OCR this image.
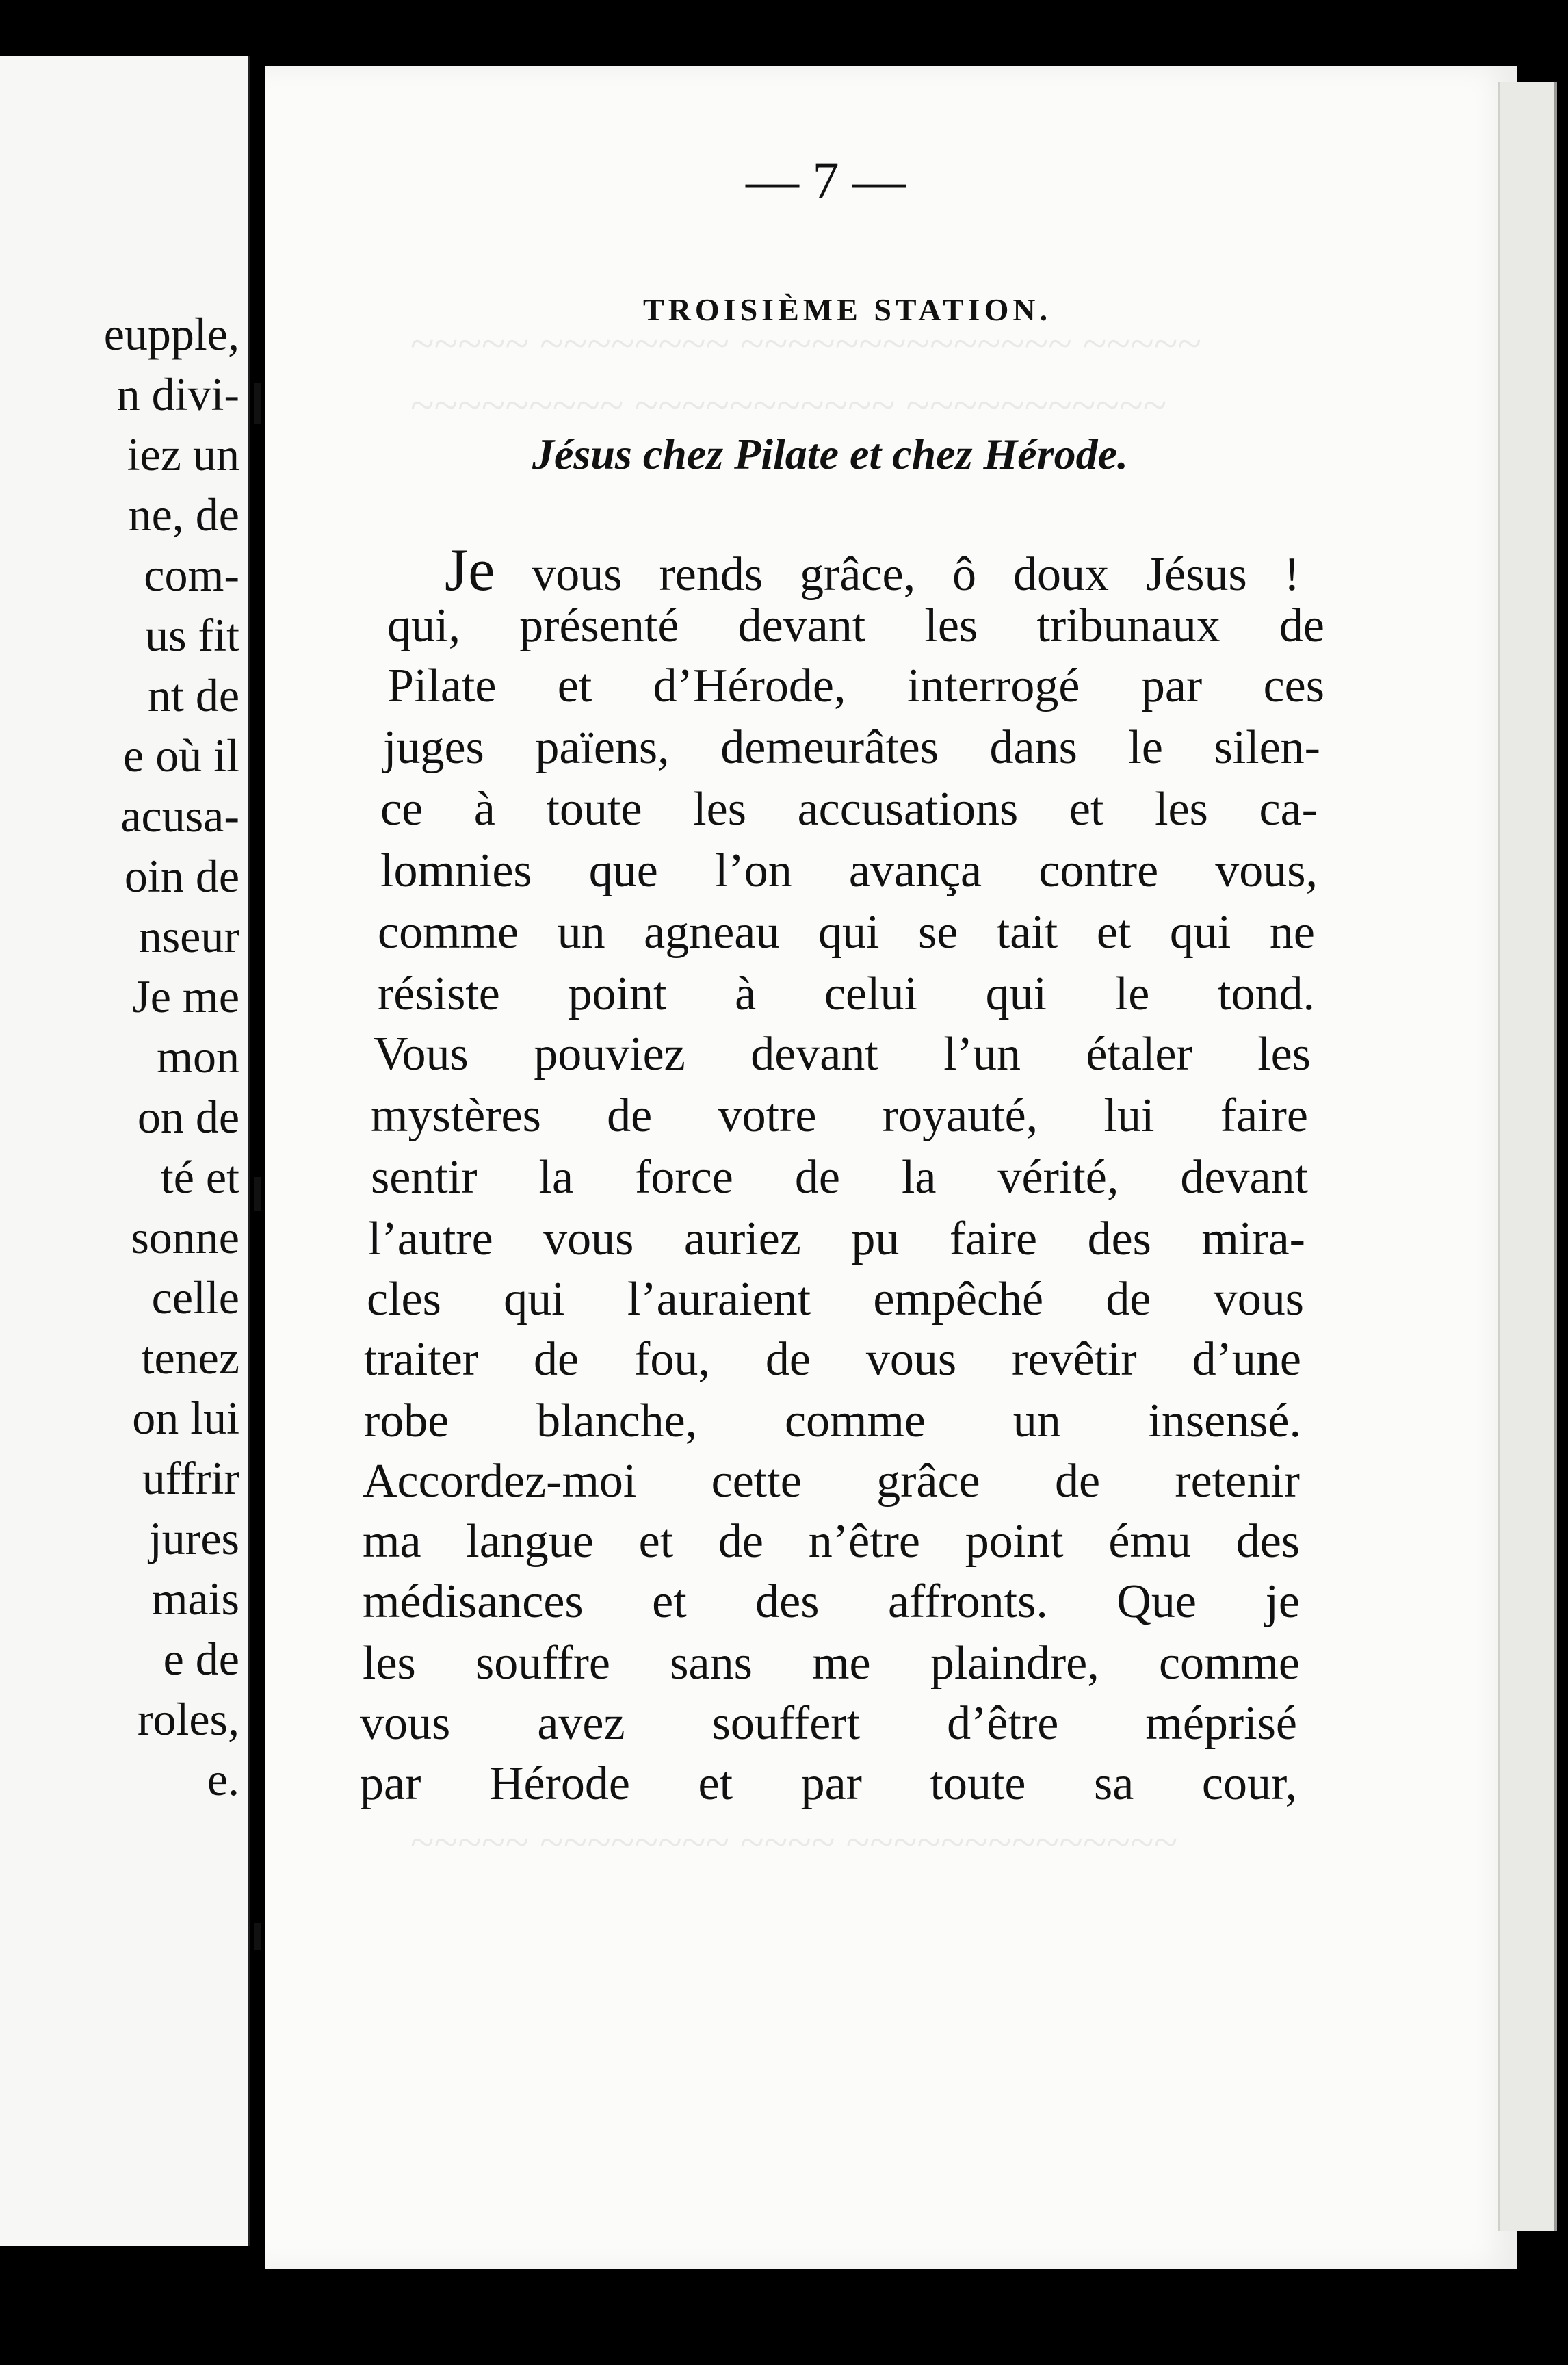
eupple,
n divi-
iez un
ne, de
com-
us fit
nt de
e où il
acusa-
oin de
nseur
Je me
mon
on de
té et
sonne
celle
tenez
on lui
uffrir
jures
mais
e de
roles,
e.
~~~~~ ~~~~~~~~ ~~~~~~~~~~~~~~ ~~~~~
~~~~~~~~~ ~~~~~~~~~~~ ~~~~~~~~~~~
~~~~~ ~~~~~~~~ ~~~~ ~~~~~~~~~~~~~~
— 7 —
TROISIÈME STATION.
Jésus chez Pilate et chez Hérode.
Je vous rends grâce, ô doux Jésus !
qui, présenté devant les tribunaux de
Pilate et d’Hérode, interrogé par ces
juges païens, demeurâtes dans le silen-
ce à toute les accusations et les ca-
lomnies que l’on avança contre vous,
comme un agneau qui se tait et qui ne
résiste point à celui qui le tond.
Vous pouviez devant l’un étaler les
mystères de votre royauté, lui faire
sentir la force de la vérité, devant
l’autre vous auriez pu faire des mira-
cles qui l’auraient empêché de vous
traiter de fou, de vous revêtir d’une
robe blanche, comme un insensé.
Accordez-moi cette grâce de retenir
ma langue et de n’être point ému des
médisances et des affronts. Que je
les souffre sans me plaindre, comme
vous avez souffert d’être méprisé
par Hérode et par toute sa cour,
